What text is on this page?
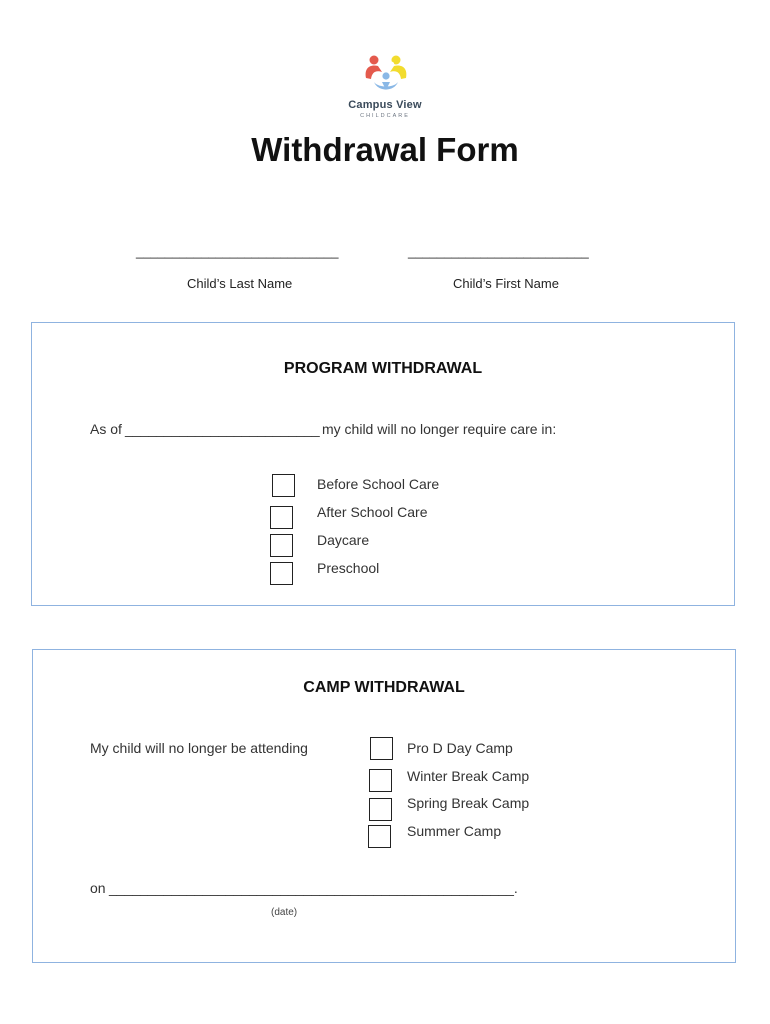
Campus View
CHILDCARE
Withdrawal Form
____________________________
Child’s Last Name
_________________________
Child’s First Name
PROGRAM WITHDRAWAL
As of _________________________ my child will no longer require care in:
Before School Care
After School Care
Daycare
Preschool
CAMP WITHDRAWAL
My child will no longer be attending	Pro D Day Camp
Winter Break Camp
Spring Break Camp
Summer Camp
on ____________________________________________________.
(date)
